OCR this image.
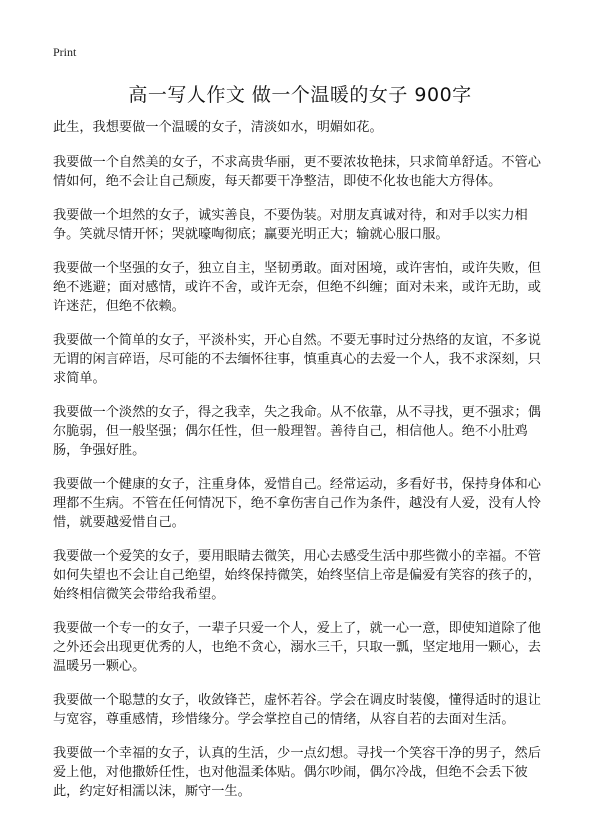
Print
高一写人作文 做一个温暖的女子 900字

此生，我想要做一个温暖的女子，清淡如水，明媚如花。

我要做一个自然美的女子，不求高贵华丽，更不要浓妆艳抹，只求简单舒适。不管心情如何，绝不会让自己颓废，每天都要干净整洁，即使不化妆也能大方得体。

我要做一个坦然的女子，诚实善良，不要伪装。对朋友真诚对待，和对手以实力相争。笑就尽情开怀；哭就嚎啕彻底；赢要光明正大；输就心服口服。

我要做一个坚强的女子，独立自主，坚韧勇敢。面对困境，或许害怕，或许失败，但绝不逃避；面对感情，或许不舍，或许无奈，但绝不纠缠；面对未来，或许无助，或许迷茫，但绝不依赖。

我要做一个简单的女子，平淡朴实，开心自然。不要无事时过分热络的友谊，不多说无谓的闲言碎语，尽可能的不去缅怀往事，慎重真心的去爱一个人，我不求深刻，只求简单。

我要做一个淡然的女子，得之我幸，失之我命。从不依靠，从不寻找，更不强求；偶尔脆弱，但一般坚强；偶尔任性，但一般理智。善待自己，相信他人。绝不小肚鸡肠，争强好胜。

我要做一个健康的女子，注重身体，爱惜自己。经常运动，多看好书，保持身体和心理都不生病。不管在任何情况下，绝不拿伤害自己作为条件，越没有人爱，没有人怜惜，就要越爱惜自己。

我要做一个爱笑的女子，要用眼睛去微笑，用心去感受生活中那些微小的幸福。不管如何失望也不会让自己绝望，始终保持微笑，始终坚信上帝是偏爱有笑容的孩子的，始终相信微笑会带给我希望。

我要做一个专一的女子，一辈子只爱一个人，爱上了，就一心一意，即使知道除了他之外还会出现更优秀的人，也绝不贪心，溺水三千，只取一瓢，坚定地用一颗心，去温暖另一颗心。

我要做一个聪慧的女子，收敛锋芒，虚怀若谷。学会在调皮时装傻，懂得适时的退让与宽容，尊重感情，珍惜缘分。学会掌控自己的情绪，从容自若的去面对生活。

我要做一个幸福的女子，认真的生活，少一点幻想。寻找一个笑容干净的男子，然后爱上他，对他撒娇任性，也对他温柔体贴。偶尔吵闹，偶尔冷战，但绝不会丢下彼此，约定好相濡以沫，厮守一生。
